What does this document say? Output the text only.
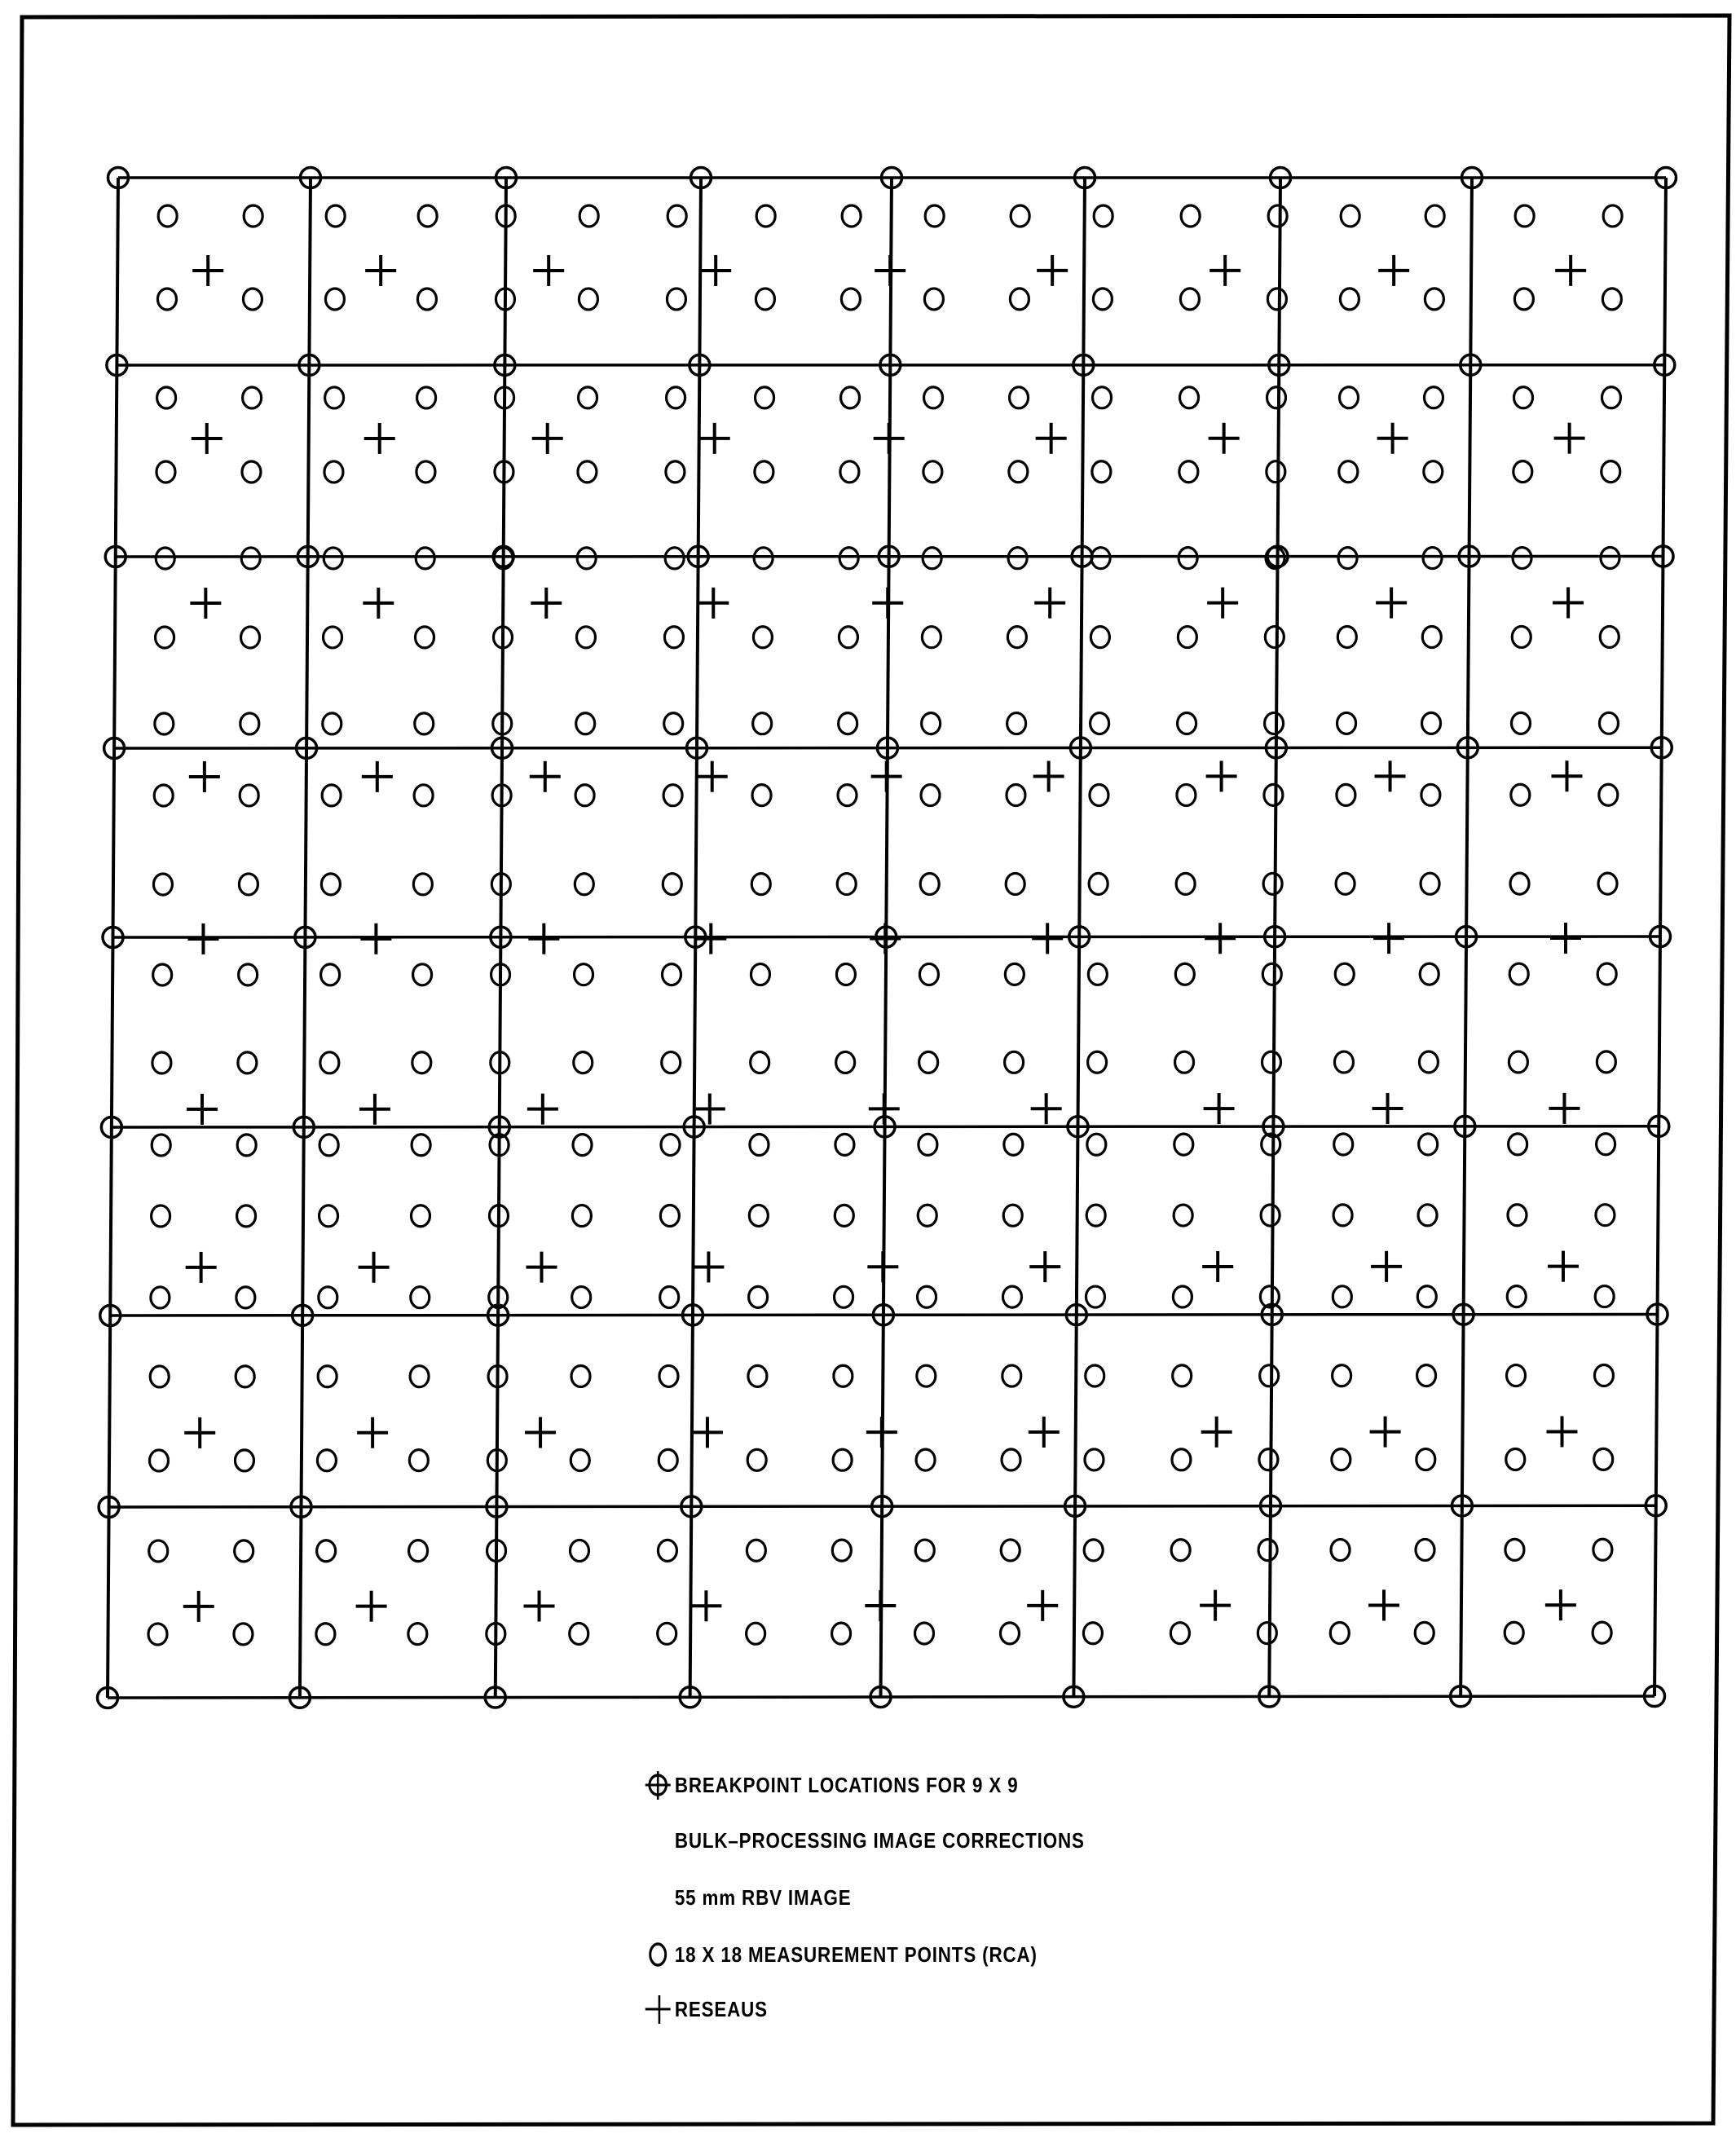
BREAKPOINT LOCATIONS FOR 9 X 9
BULK–PROCESSING IMAGE CORRECTIONS
55 mm RBV IMAGE
18 X 18 MEASUREMENT POINTS (RCA)
RESEAUS
